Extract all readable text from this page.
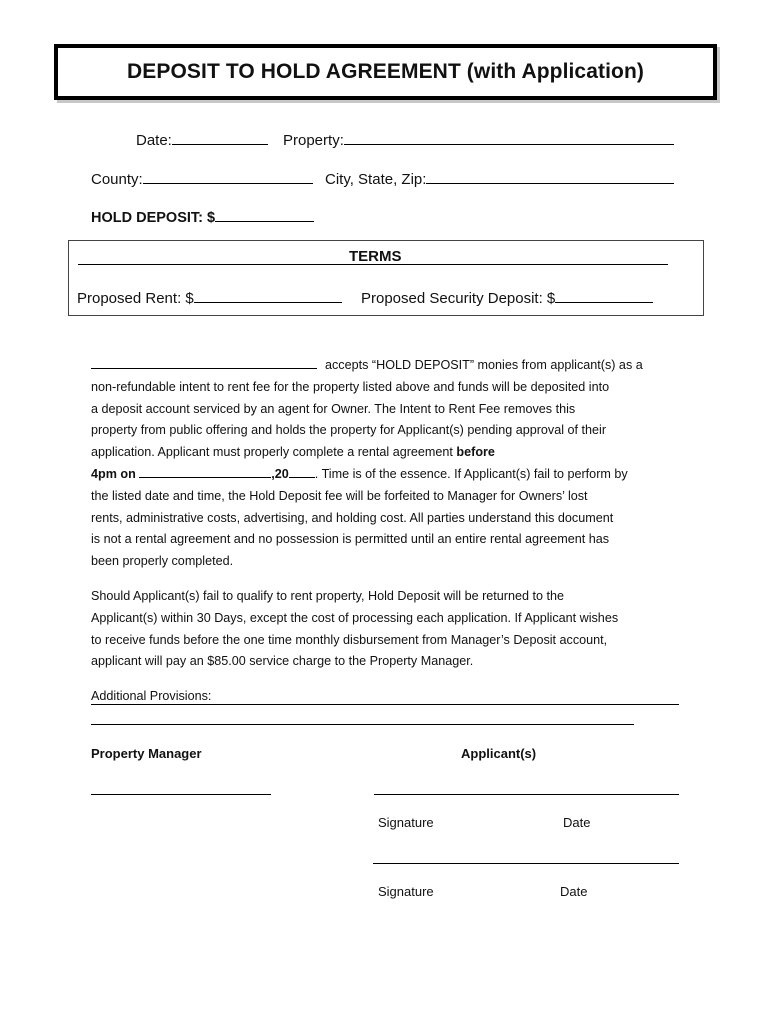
DEPOSIT TO HOLD AGREEMENT (with Application)
Date:	Property:
County:	City, State, Zip:
HOLD DEPOSIT: $
TERMS
Proposed Rent: $	Proposed Security Deposit: $

accepts “HOLD DEPOSIT” monies from applicant(s) as a

non-refundable intent to rent fee for the property listed above and funds will be deposited into

a deposit account serviced by an agent for Owner. The Intent to Rent Fee removes this

property from public offering and holds the property for Applicant(s) pending approval of their

application. Applicant must properly complete a rental agreement before

4pm on	,20 . Time is of the essence. If Applicant(s) fail to perform by

the listed date and time, the Hold Deposit fee will be forfeited to Manager for Owners’ lost

rents, administrative costs, advertising, and holding cost. All parties understand this document

is not a rental agreement and no possession is permitted until an entire rental agreement has

been properly completed.

Should Applicant(s) fail to qualify to rent property, Hold Deposit will be returned to the

Applicant(s) within 30 Days, except the cost of processing each application. If Applicant wishes

to receive funds before the one time monthly disbursement from Manager’s Deposit account,

applicant will pay an $85.00 service charge to the Property Manager.

Additional Provisions:
Property Manager	Applicant(s)
Signature	Date
Signature	Date
